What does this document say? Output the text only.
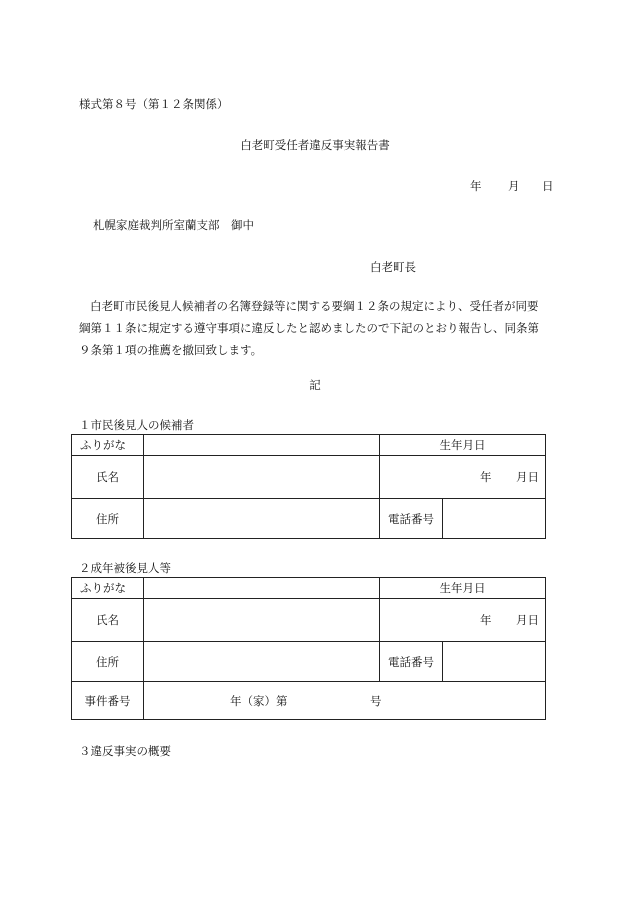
様式第８号（第１２条関係）
白老町受任者違反事実報告書
年 月 日
札幌家庭裁判所室蘭支部　御中
白老町長

白老町市民後見人候補者の名簿登録等に関する要綱１２条の規定により、受任者が同要

綱第１１条に規定する遵守事項に違反したと認めましたので下記のとおり報告し、同条第

９条第１項の推薦を撤回致します。

記
１市民後見人の候補者
ふりがな		生年月日	
氏名		年 月日	
住所		電話番号	
２成年被後見人等
ふりがな		生年月日	
氏名		年 月日	
住所		電話番号	
事件番号	年（家）第 号		
３違反事実の概要
